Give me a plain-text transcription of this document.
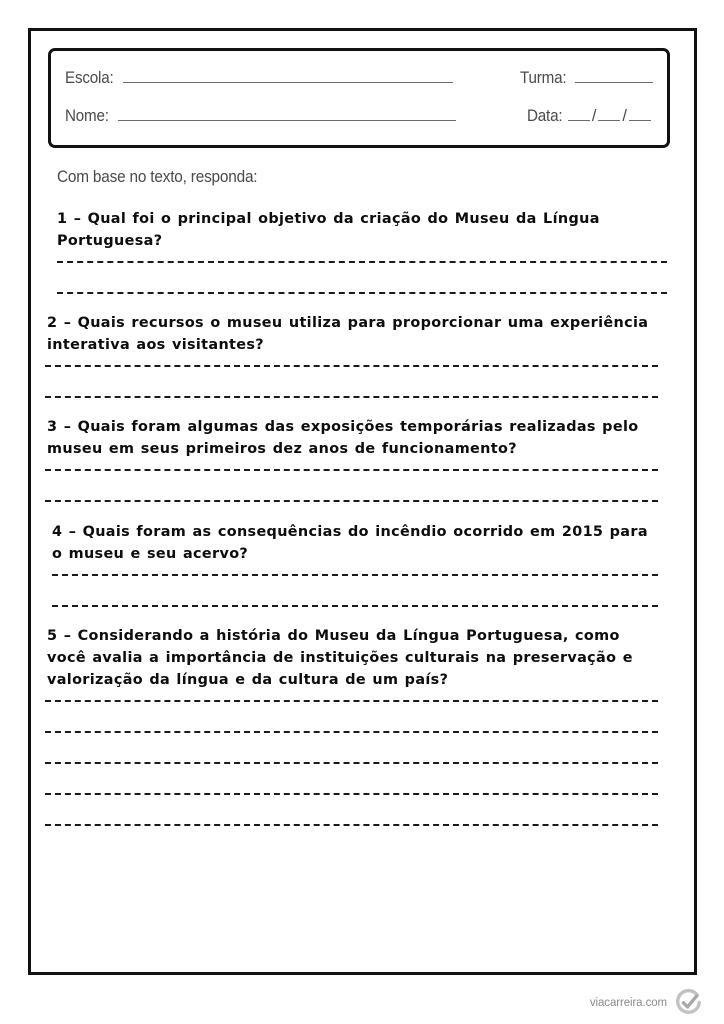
Escola:	Turma:
Nome:	Data: / /
Com base no texto, responda:

1 – Qual foi o principal objetivo da criação do Museu da Língua Portuguesa?

2 – Quais recursos o museu utiliza para proporcionar uma experiência interativa aos visitantes?

3 – Quais foram algumas das exposições temporárias realizadas pelo museu em seus primeiros dez anos de funcionamento?

4 – Quais foram as consequências do incêndio ocorrido em 2015 para o museu e seu acervo?

5 – Considerando a história do Museu da Língua Portuguesa, como você avalia a importância de instituições culturais na preservação e valorização da língua e da cultura de um país?

viacarreira.com
